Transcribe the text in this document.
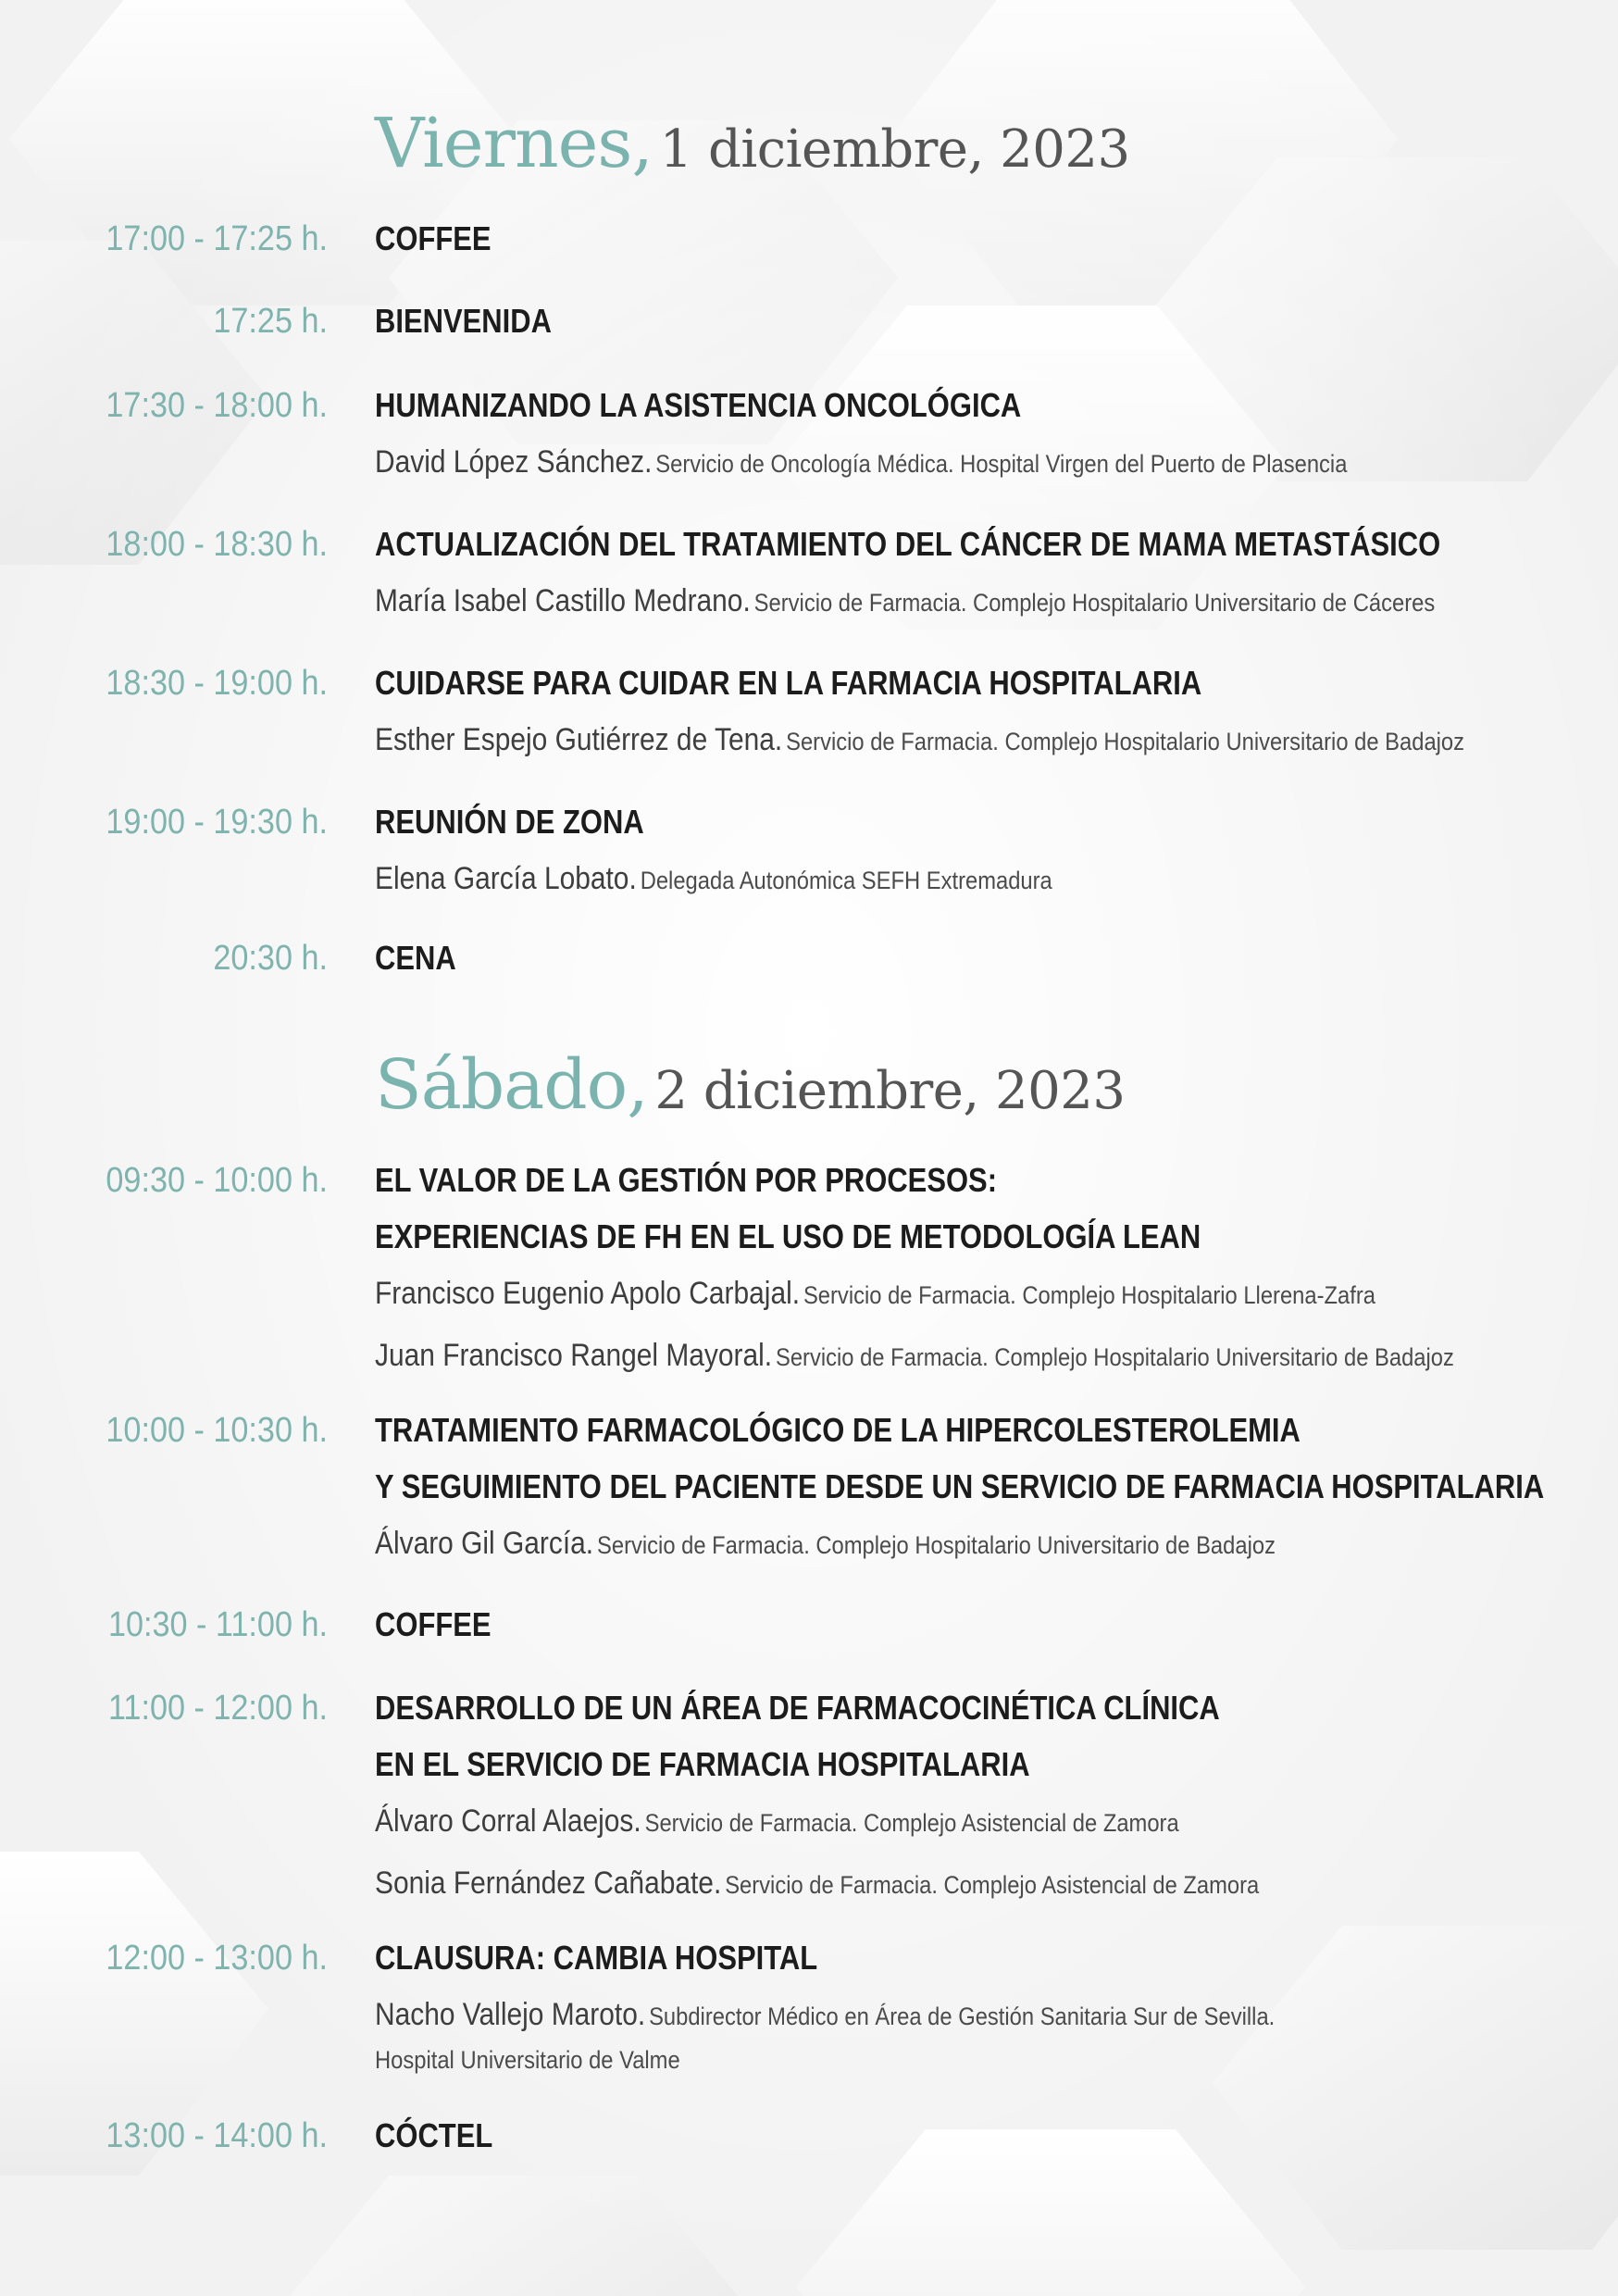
Viernes, 1 diciembre, 2023
17:00 - 17:25 h. COFFEE
17:25 h. BIENVENIDA
17:30 - 18:00 h. HUMANIZANDO LA ASISTENCIA ONCOLÓGICA
David López Sánchez. Servicio de Oncología Médica. Hospital Virgen del Puerto de Plasencia
18:00 - 18:30 h. ACTUALIZACIÓN DEL TRATAMIENTO DEL CÁNCER DE MAMA METASTÁSICO
María Isabel Castillo Medrano. Servicio de Farmacia. Complejo Hospitalario Universitario de Cáceres
18:30 - 19:00 h. CUIDARSE PARA CUIDAR EN LA FARMACIA HOSPITALARIA
Esther Espejo Gutiérrez de Tena. Servicio de Farmacia. Complejo Hospitalario Universitario de Badajoz
19:00 - 19:30 h. REUNIÓN DE ZONA
Elena García Lobato. Delegada Autonómica SEFH Extremadura
20:30 h. CENA
Sábado, 2 diciembre, 2023
09:30 - 10:00 h. EL VALOR DE LA GESTIÓN POR PROCESOS:
EXPERIENCIAS DE FH EN EL USO DE METODOLOGÍA LEAN
Francisco Eugenio Apolo Carbajal. Servicio de Farmacia. Complejo Hospitalario Llerena-Zafra
Juan Francisco Rangel Mayoral. Servicio de Farmacia. Complejo Hospitalario Universitario de Badajoz
10:00 - 10:30 h. TRATAMIENTO FARMACOLÓGICO DE LA HIPERCOLESTEROLEMIA
Y SEGUIMIENTO DEL PACIENTE DESDE UN SERVICIO DE FARMACIA HOSPITALARIA
Álvaro Gil García. Servicio de Farmacia. Complejo Hospitalario Universitario de Badajoz
10:30 - 11:00 h. COFFEE
11:00 - 12:00 h. DESARROLLO DE UN ÁREA DE FARMACOCINÉTICA CLÍNICA
EN EL SERVICIO DE FARMACIA HOSPITALARIA
Álvaro Corral Alaejos. Servicio de Farmacia. Complejo Asistencial de Zamora
Sonia Fernández Cañabate. Servicio de Farmacia. Complejo Asistencial de Zamora
12:00 - 13:00 h. CLAUSURA: CAMBIA HOSPITAL
Nacho Vallejo Maroto. Subdirector Médico en Área de Gestión Sanitaria Sur de Sevilla.
Hospital Universitario de Valme
13:00 - 14:00 h. CÓCTEL
